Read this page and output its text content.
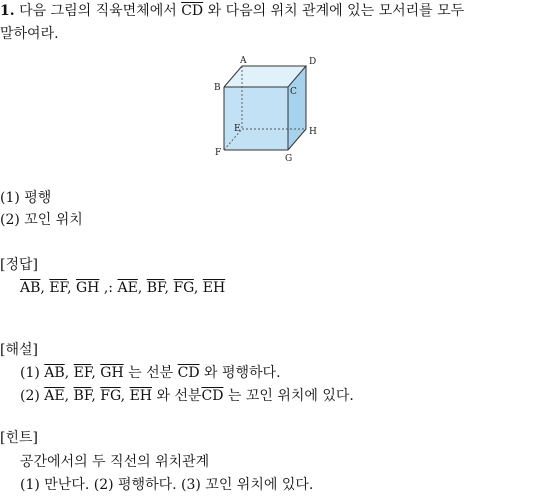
1. 다음 그림의 직육면체에서 $\overline{CD}$ 와 다음의 위치 관계에 있는 모서리를 모두
말하여라.
A	D
B	C
E	H
F
G
(1) 평행
(2) 꼬인 위치
[정답]
$\overline{AB}$, $\overline{EF}$, $\overline{GH}$ ,: $\overline{AE}$, $\overline{BF}$, $\overline{FG}$, $\overline{EH}$
[해설]
(1) $\overline{AB}$, $\overline{EF}$, $\overline{GH}$ 는 선분 $\overline{CD}$ 와 평행하다.
(2) $\overline{AE}$, $\overline{BF}$, $\overline{FG}$, $\overline{EH}$ 와 선분$\overline{CD}$ 는 꼬인 위치에 있다.
[힌트]
공간에서의 두 직선의 위치관계
(1) 만난다. (2) 평행하다. (3) 꼬인 위치에 있다.
